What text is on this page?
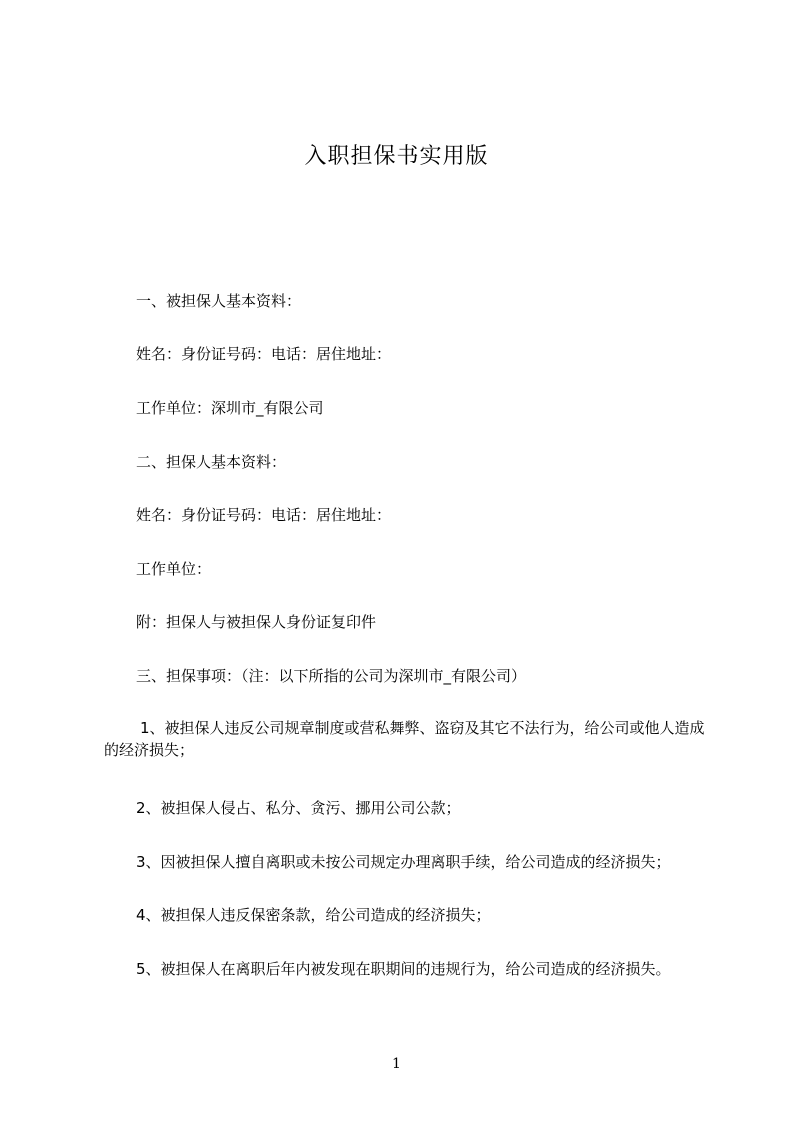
入职担保书实用版
一、被担保人基本资料：
姓名：身份证号码：电话：居住地址：
工作单位：深圳市_有限公司
二、担保人基本资料：
姓名：身份证号码：电话：居住地址：
工作单位：
附：担保人与被担保人身份证复印件
三、担保事项：（注：以下所指的公司为深圳市_有限公司）
1、被担保人违反公司规章制度或营私舞弊、盗窃及其它不法行为，给公司或他人造成的经济损失；
2、被担保人侵占、私分、贪污、挪用公司公款；
3、因被担保人擅自离职或未按公司规定办理离职手续，给公司造成的经济损失；
4、被担保人违反保密条款，给公司造成的经济损失；
5、被担保人在离职后年内被发现在职期间的违规行为，给公司造成的经济损失。
1
